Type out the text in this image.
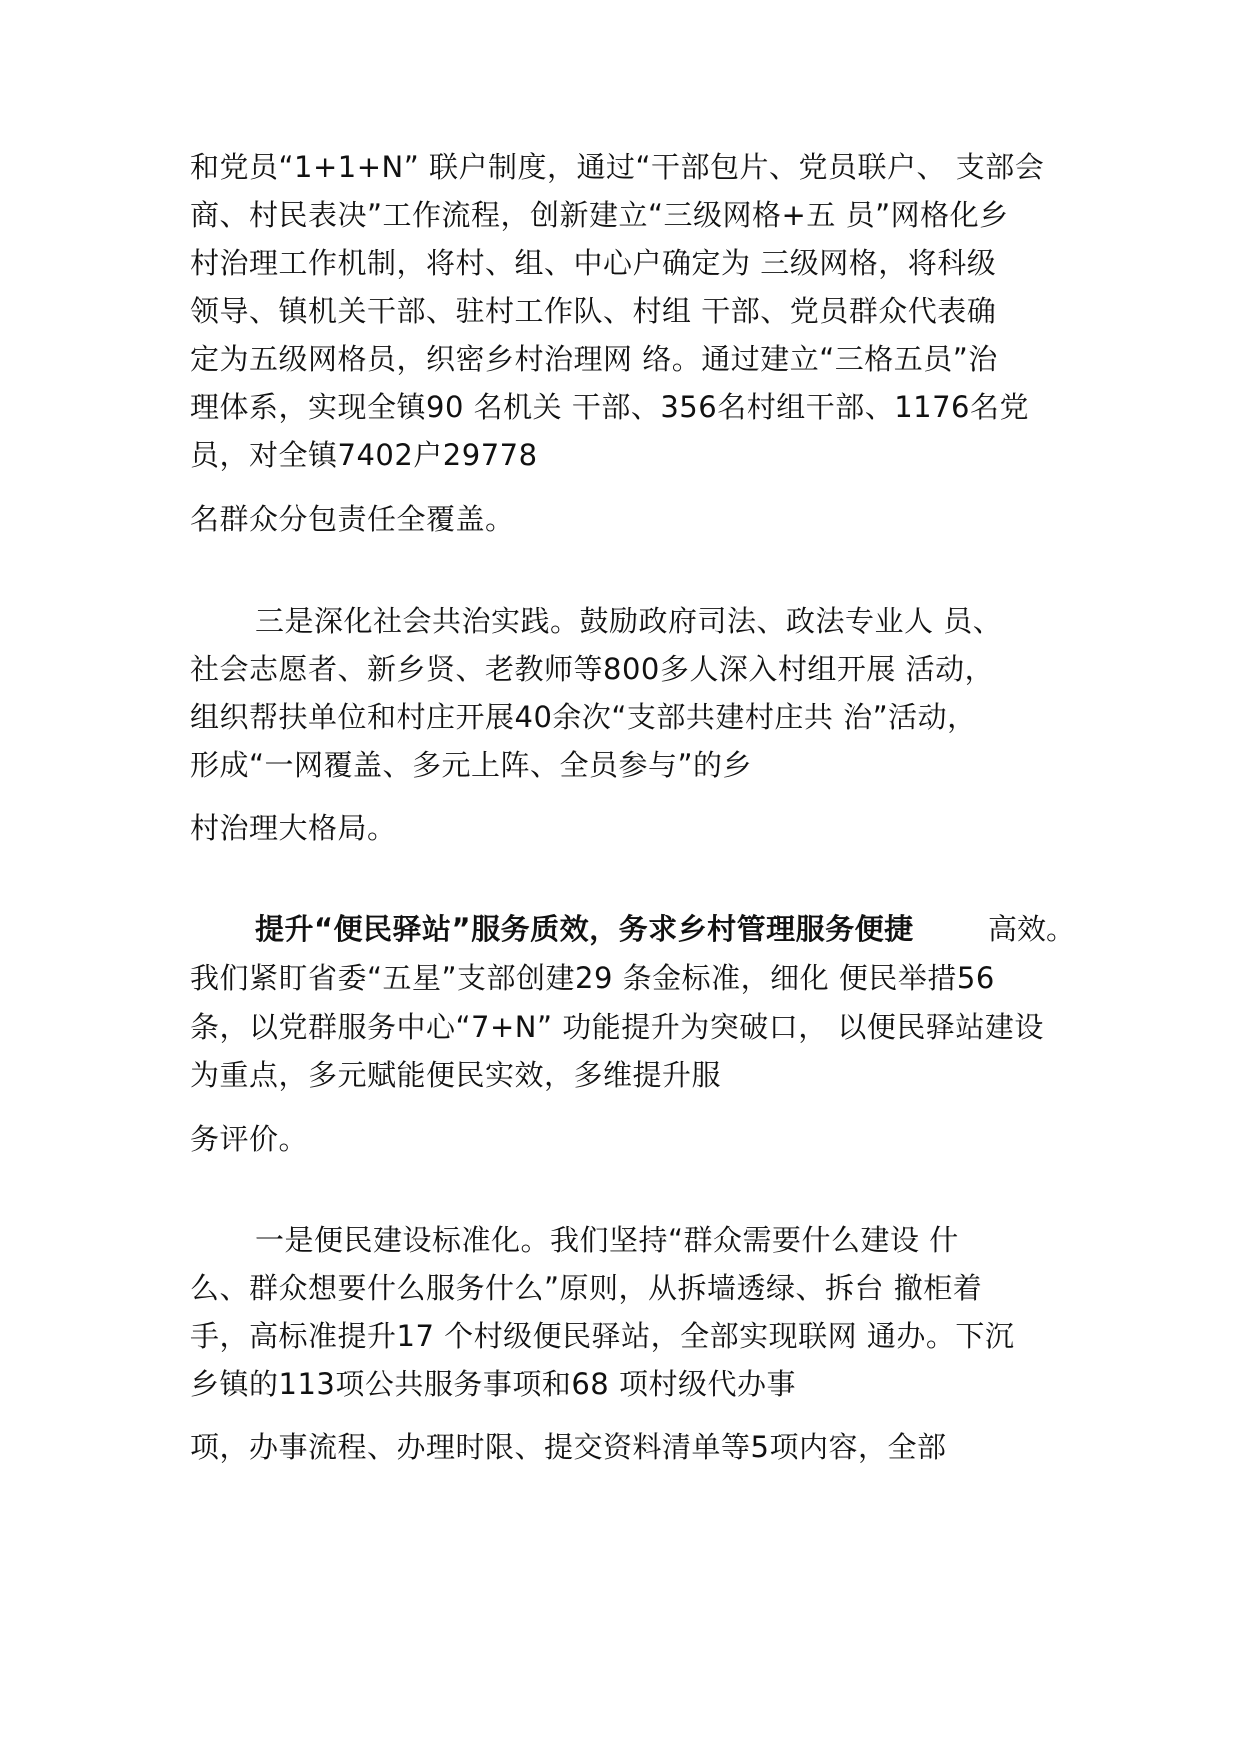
和党员“1+1+N” 联户制度，通过“干部包片、党员联户、 支部会

商、村民表决”工作流程，创新建立“三级网格+五 员”网格化乡

村治理工作机制，将村、组、中心户确定为 三级网格，将科级

领导、镇机关干部、驻村工作队、村组 干部、党员群众代表确

定为五级网格员，织密乡村治理网 络。通过建立“三格五员”治

理体系，实现全镇90 名机关 干部、356名村组干部、1176名党

员，对全镇7402户29778

名群众分包责任全覆盖。

三是深化社会共治实践。鼓励政府司法、政法专业人 员、

社会志愿者、新乡贤、老教师等800多人深入村组开展 活动，

组织帮扶单位和村庄开展40余次“支部共建村庄共 治”活动，

形成“一网覆盖、多元上阵、全员参与”的乡

村治理大格局。

提升“便民驿站”服务质效，务求乡村管理服务便捷	高效。

我们紧盯省委“五星”支部创建29 条金标准，细化 便民举措56

条，以党群服务中心“7+N” 功能提升为突破口， 以便民驿站建设

为重点，多元赋能便民实效，多维提升服

务评价。

一是便民建设标准化。我们坚持“群众需要什么建设 什

么、群众想要什么服务什么”原则，从拆墙透绿、拆台 撤柜着

手，高标准提升17 个村级便民驿站，全部实现联网 通办。下沉

乡镇的113项公共服务事项和68 项村级代办事

项，办事流程、办理时限、提交资料清单等5项内容，全部
